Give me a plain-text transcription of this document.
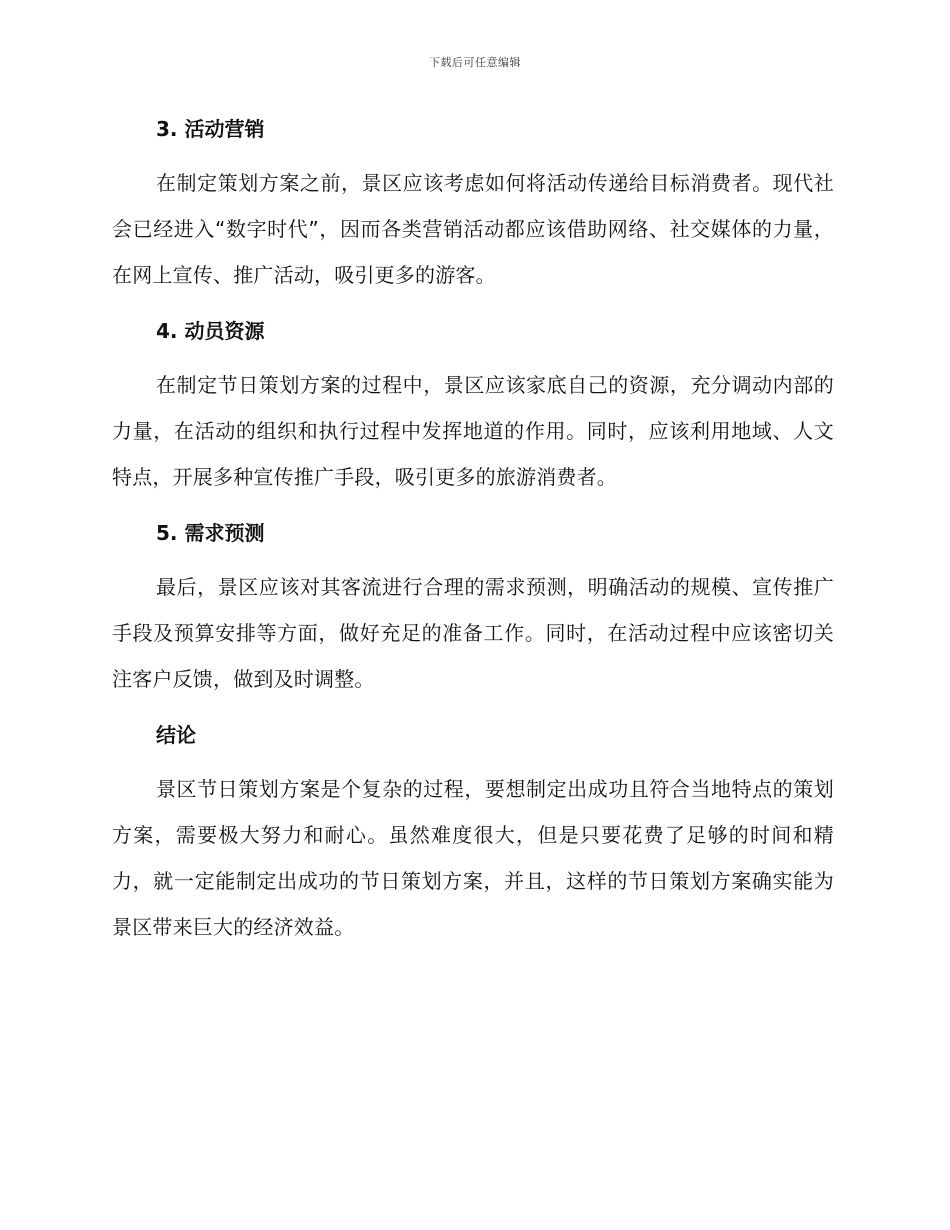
下载后可任意编辑
3. 活动营销

在制定策划方案之前，景区应该考虑如何将活动传递给目标消费者。现代社会已经进入“数字时代”，因而各类营销活动都应该借助网络、社交媒体的力量，在网上宣传、推广活动，吸引更多的游客。

4. 动员资源

在制定节日策划方案的过程中，景区应该家底自己的资源，充分调动内部的力量，在活动的组织和执行过程中发挥地道的作用。同时，应该利用地域、人文特点，开展多种宣传推广手段，吸引更多的旅游消费者。

5. 需求预测

最后，景区应该对其客流进行合理的需求预测，明确活动的规模、宣传推广手段及预算安排等方面，做好充足的准备工作。同时，在活动过程中应该密切关注客户反馈，做到及时调整。

结论

景区节日策划方案是个复杂的过程，要想制定出成功且符合当地特点的策划方案，需要极大努力和耐心。虽然难度很大，但是只要花费了足够的时间和精力，就一定能制定出成功的节日策划方案，并且，这样的节日策划方案确实能为景区带来巨大的经济效益。
